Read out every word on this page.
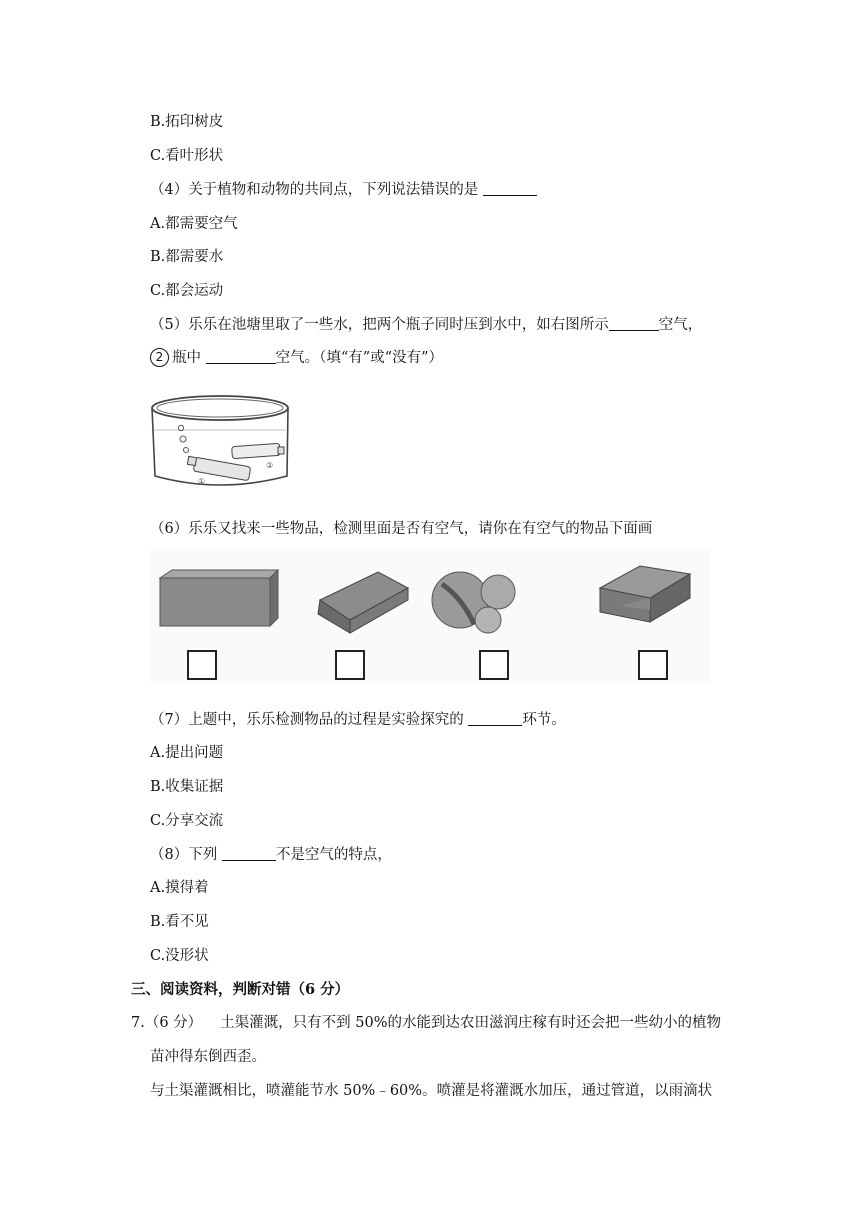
B.拓印树皮
C.看叶形状
（4）关于植物和动物的共同点，下列说法错误的是
A.都需要空气
B.都需要水
C.都会运动
（5）乐乐在池塘里取了一些水，把两个瓶子同时压到水中，如右图所示	空气，
2 瓶中	空气。（填“有”或“没有”）
①
②
（6）乐乐又找来一些物品，检测里面是否有空气，请你在有空气的物品下面画
（7）上题中，乐乐检测物品的过程是实验探究的	环节。
A.提出问题
B.收集证据
C.分享交流
（8）下列	不是空气的特点，
A.摸得着
B.看不见
C.没形状
三、阅读资料，判断对错（6 分）
7.（6 分） 土渠灌溉，只有不到 50%的水能到达农田滋润庄稼有时还会把一些幼小的植物
苗冲得东倒西歪。
与土渠灌溉相比，喷灌能节水 50%﹣60%。喷灌是将灌溉水加压，通过管道，以雨滴状
